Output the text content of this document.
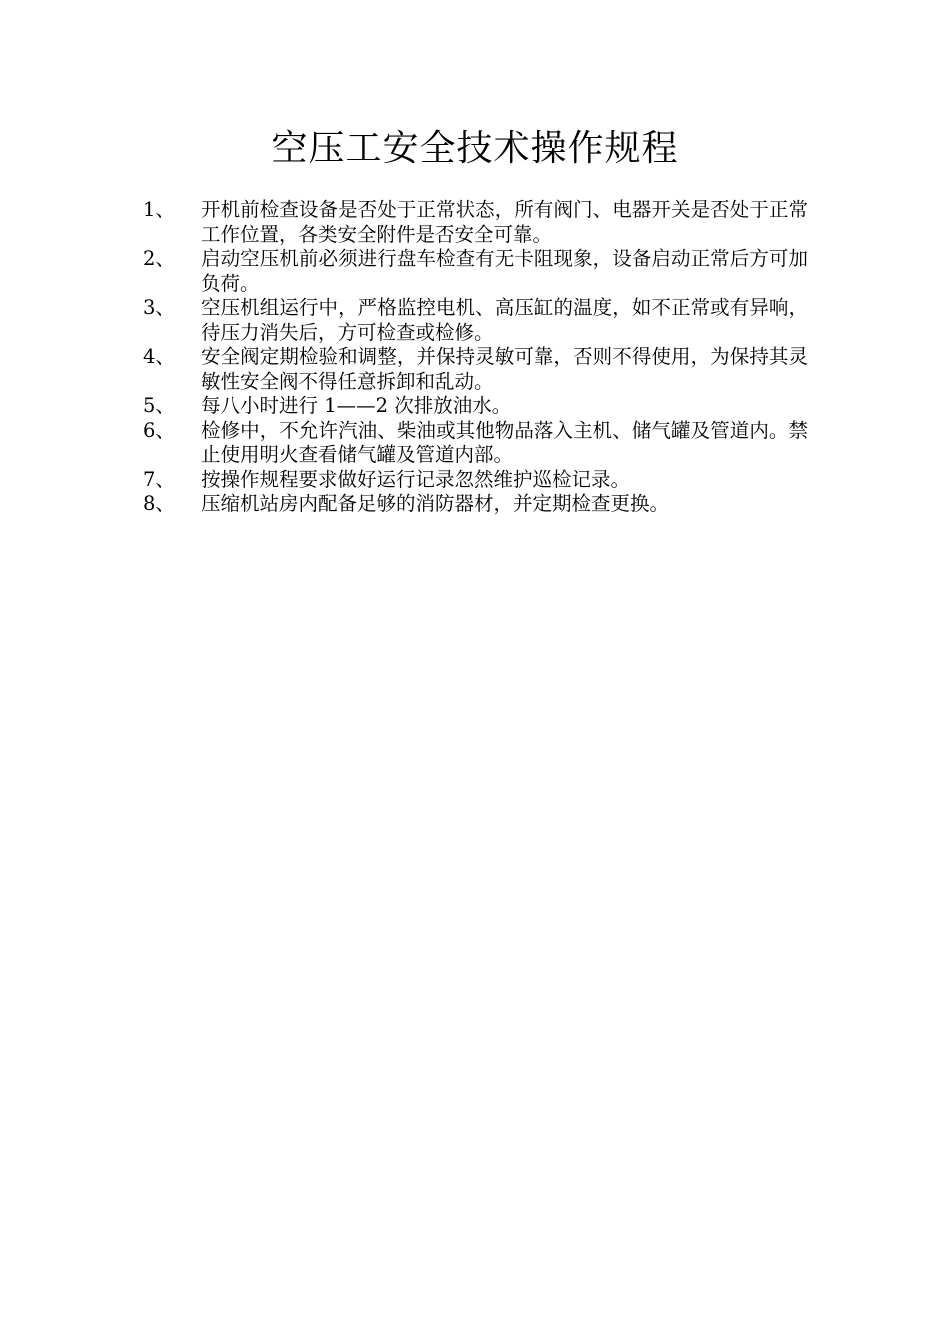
空压工安全技术操作规程
1、	开机前检查设备是否处于正常状态，所有阀门、电器开关是否处于正常工作位置，各类安全附件是否安全可靠。
2、	启动空压机前必须进行盘车检查有无卡阻现象，设备启动正常后方可加负荷。
3、	空压机组运行中，严格监控电机、高压缸的温度，如不正常或有异响，待压力消失后，方可检查或检修。
4、	安全阀定期检验和调整，并保持灵敏可靠，否则不得使用，为保持其灵敏性安全阀不得任意拆卸和乱动。
5、	每八小时进行 1——2 次排放油水。
6、	检修中，不允许汽油、柴油或其他物品落入主机、储气罐及管道内。禁止使用明火查看储气罐及管道内部。
7、	按操作规程要求做好运行记录忽然维护巡检记录。
8、	压缩机站房内配备足够的消防器材，并定期检查更换。
